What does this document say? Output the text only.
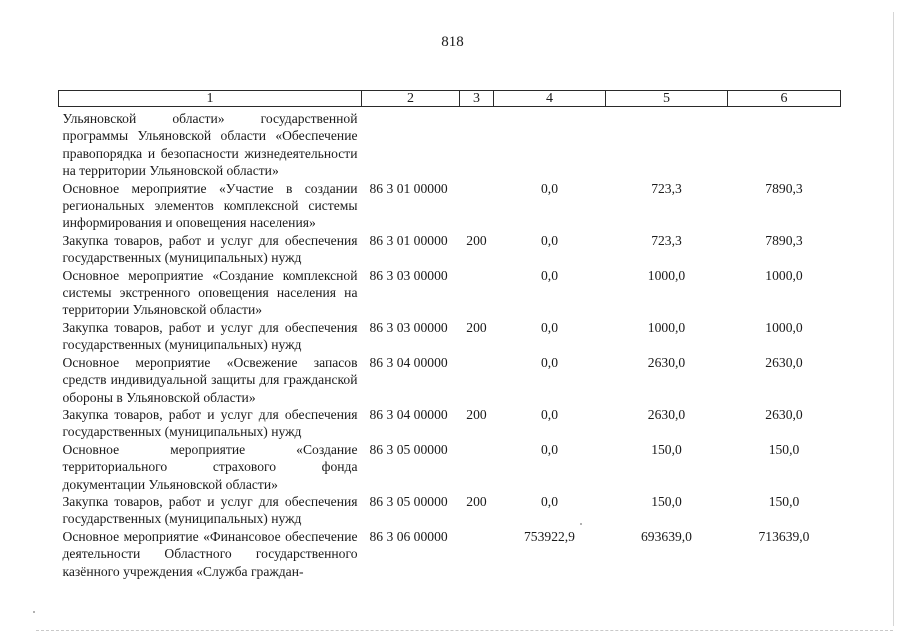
818
1	2	3	4	5	6
Ульяновской области» государственной программы Ульяновской области «Обеспечение правопорядка и безопасности жизнедеятельности на территории Ульяновской области»					
Основное мероприятие «Участие в создании региональных элементов комплексной системы информирования и оповещения населения»	86 3 01 00000		0,0	723,3	7890,3
Закупка товаров, работ и услуг для обеспечения государственных (муниципальных) нужд	86 3 01 00000	200	0,0	723,3	7890,3
Основное мероприятие «Создание комплексной системы экстренного оповещения населения на территории Ульяновской области»	86 3 03 00000		0,0	1000,0	1000,0
Закупка товаров, работ и услуг для обеспечения государственных (муниципальных) нужд	86 3 03 00000	200	0,0	1000,0	1000,0
Основное мероприятие «Освежение запасов средств индивидуальной защиты для гражданской обороны в Ульяновской области»	86 3 04 00000		0,0	2630,0	2630,0
Закупка товаров, работ и услуг для обеспечения государственных (муниципальных) нужд	86 3 04 00000	200	0,0	2630,0	2630,0
Основное мероприятие «Создание территориального страхового фонда документации Ульяновской области»	86 3 05 00000		0,0	150,0	150,0
Закупка товаров, работ и услуг для обеспечения государственных (муниципальных) нужд	86 3 05 00000	200	0,0	150,0	150,0
Основное мероприятие «Финансовое обеспечение деятельности Областного государственного казённого учреждения «Служба граждан-	86 3 06 00000		753922,9	693639,0	713639,0
